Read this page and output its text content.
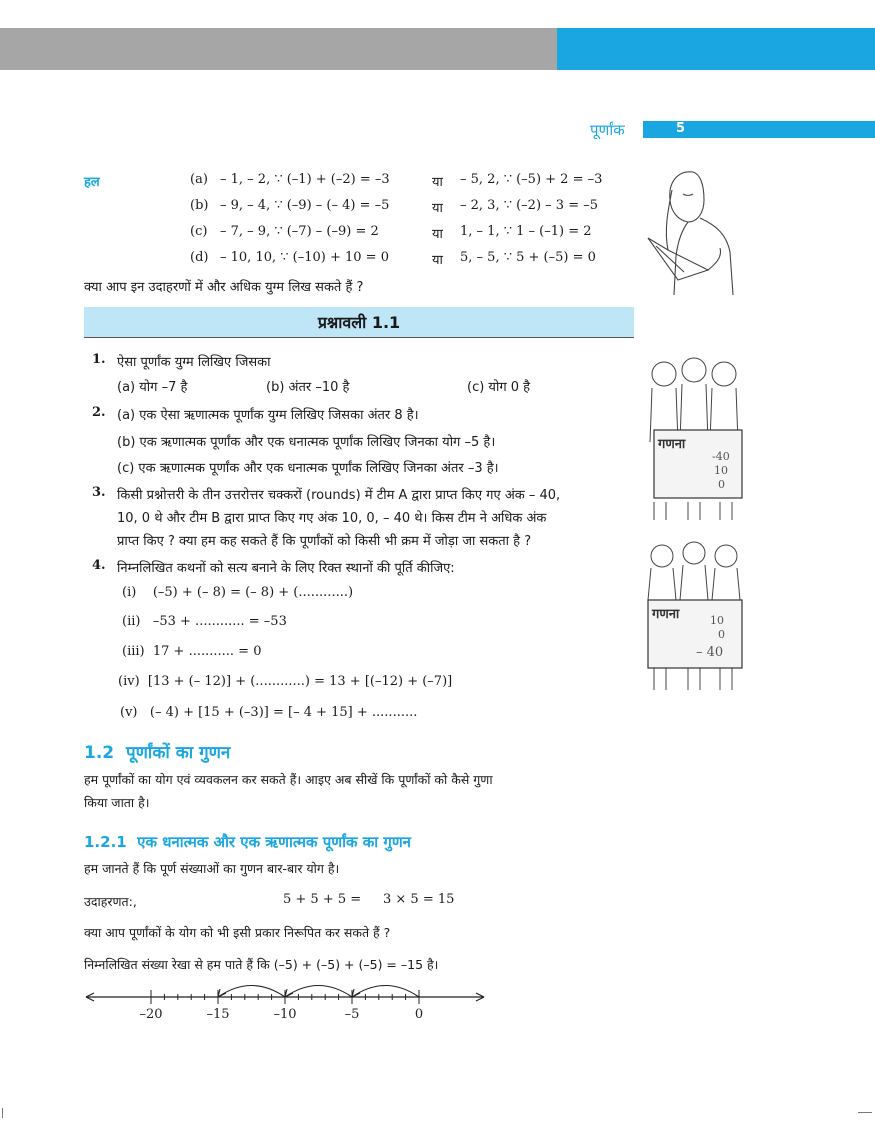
पूर्णांक	5
हल	(a) – 1, – 2, ∵ (–1) + (–2) = –3	या – 5, 2, ∵ (–5) + 2 = –3
(b) – 9, – 4, ∵ (–9) – (– 4) = –5	या – 2, 3, ∵ (–2) – 3 = –5
(c) – 7, – 9, ∵ (–7) – (–9) = 2	या 1, – 1, ∵ 1 – (–1) = 2
(d) – 10, 10, ∵ (–10) + 10 = 0	या 5, – 5, ∵ 5 + (–5) = 0
क्या आप इन उदाहरणों में और अधिक युग्म लिख सकते हैं ?
प्रश्नावली 1.1
1. ऐसा पूर्णांक युग्म लिखिए जिसका
(a) योग –7 है	(b) अंतर –10 है	(c) योग 0 है
2. (a) एक ऐसा ऋणात्मक पूर्णांक युग्म लिखिए जिसका अंतर 8 है।
(b) एक ऋणात्मक पूर्णांक और एक धनात्मक पूर्णांक लिखिए जिनका योग –5 है।
(c) एक ऋणात्मक पूर्णांक और एक धनात्मक पूर्णांक लिखिए जिनका अंतर –3 है।
3. किसी प्रश्नोत्तरी के तीन उत्तरोत्तर चक्करों (rounds) में टीम A द्वारा प्राप्त किए गए अंक – 40,
10, 0 थे और टीम B द्वारा प्राप्त किए गए अंक 10, 0, – 40 थे। किस टीम ने अधिक अंक
प्राप्त किए ? क्या हम कह सकते हैं कि पूर्णांकों को किसी भी क्रम में जोड़ा जा सकता है ?
4. निम्नलिखित कथनों को सत्य बनाने के लिए रिक्त स्थानों की पूर्ति कीजिए:
(i)    (–5) + (– 8) = (– 8) + (............)
(ii)   –53 + ............ = –53
(iii)  17 + ........... = 0
(iv)  [13 + (– 12)] + (............) = 13 + [(–12) + (–7)]
(v)   (– 4) + [15 + (–3)] = [– 4 + 15] + ...........
गणना
-40
10
0
गणना	10
0
– 40
1.2 पूर्णांकों का गुणन
हम पूर्णांकों का योग एवं व्यवकलन कर सकते हैं। आइए अब सीखें कि पूर्णांकों को कैसे गुणा
किया जाता है।
1.2.1 एक धनात्मक और एक ऋणात्मक पूर्णांक का गुणन
हम जानते हैं कि पूर्ण संख्याओं का गुणन बार-बार योग है।
उदाहरणत:,	5 + 5 + 5 = 3 × 5 = 15
क्या आप पूर्णांकों के योग को भी इसी प्रकार निरूपित कर सकते हैं ?
निम्नलिखित संख्या रेखा से हम पाते हैं कि (–5) + (–5) + (–5) = –15 है।
–20	–15	–10	–5	0
